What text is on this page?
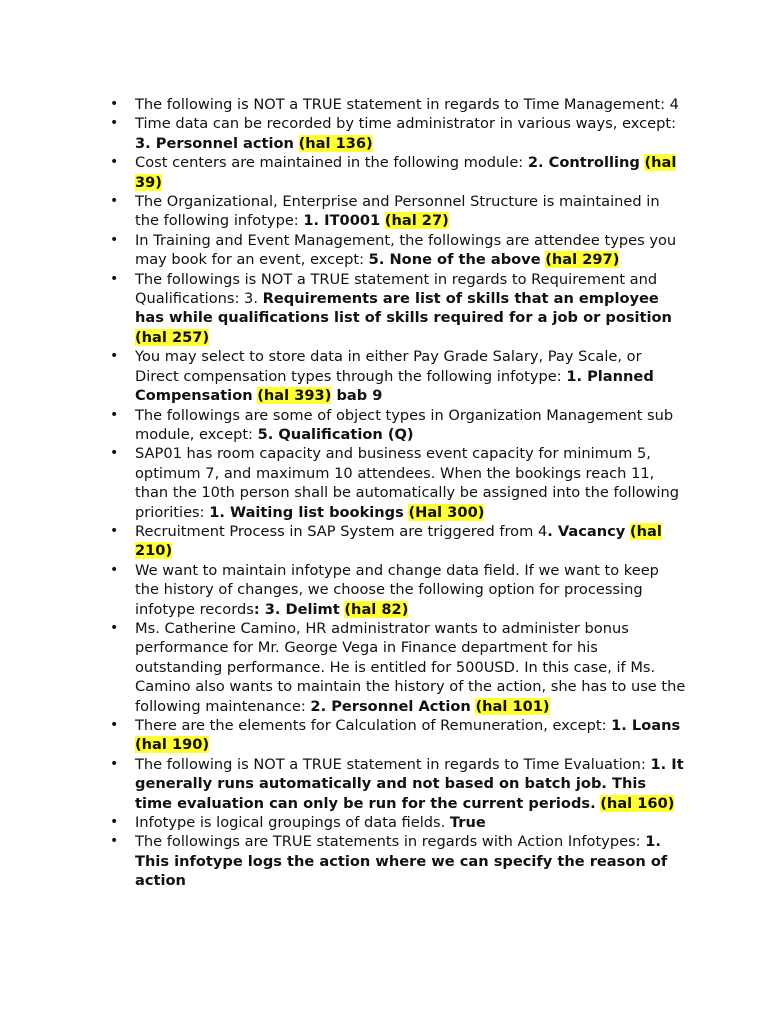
• The following is NOT a TRUE statement in regards to Time Management: 4
• Time data can be recorded by time administrator in various ways, except: 3. Personnel action (hal 136)
• Cost centers are maintained in the following module: 2. Controlling (hal 39)
• The Organizational, Enterprise and Personnel Structure is maintained in the following infotype: 1. IT0001 (hal 27)
• In Training and Event Management, the followings are attendee types you may book for an event, except: 5. None of the above (hal 297)
• The followings is NOT a TRUE statement in regards to Requirement and Qualifications: 3. Requirements are list of skills that an employee has while qualifications list of skills required for a job or position (hal 257)
• You may select to store data in either Pay Grade Salary, Pay Scale, or Direct compensation types through the following infotype: 1. Planned Compensation (hal 393) bab 9
• The followings are some of object types in Organization Management sub module, except: 5. Qualification (Q)
• SAP01 has room capacity and business event capacity for minimum 5, optimum 7, and maximum 10 attendees. When the bookings reach 11, than the 10th person shall be automatically be assigned into the following priorities: 1. Waiting list bookings (Hal 300)
• Recruitment Process in SAP System are triggered from 4. Vacancy (hal 210)
• We want to maintain infotype and change data field. If we want to keep the history of changes, we choose the following option for processing infotype records: 3. Delimt (hal 82)
• Ms. Catherine Camino, HR administrator wants to administer bonus performance for Mr. George Vega in Finance department for his outstanding performance. He is entitled for 500USD. In this case, if Ms. Camino also wants to maintain the history of the action, she has to use the following maintenance: 2. Personnel Action (hal 101)
• There are the elements for Calculation of Remuneration, except: 1. Loans (hal 190)
• The following is NOT a TRUE statement in regards to Time Evaluation: 1. It generally runs automatically and not based on batch job. This time evaluation can only be run for the current periods. (hal 160)
• Infotype is logical groupings of data fields. True
• The followings are TRUE statements in regards with Action Infotypes: 1. This infotype logs the action where we can specify the reason of action
